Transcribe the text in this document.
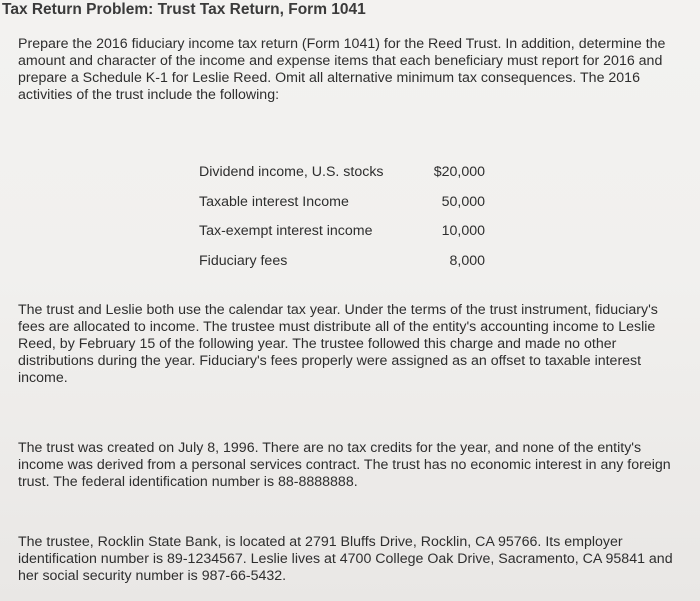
Tax Return Problem: Trust Tax Return, Form 1041
Prepare the 2016 fiduciary income tax return (Form 1041) for the Reed Trust. In addition, determine the amount and character of the income and expense items that each beneficiary must report for 2016 and prepare a Schedule K-1 for Leslie Reed. Omit all alternative minimum tax consequences. The 2016 activities of the trust include the following:
Dividend income, U.S. stocks	$20,000
Taxable interest Income	50,000
Tax-exempt interest income	10,000
Fiduciary fees	8,000
The trust and Leslie both use the calendar tax year. Under the terms of the trust instrument, fiduciary's fees are allocated to income. The trustee must distribute all of the entity's accounting income to Leslie Reed, by February 15 of the following year. The trustee followed this charge and made no other distributions during the year. Fiduciary's fees properly were assigned as an offset to taxable interest income.
The trust was created on July 8, 1996. There are no tax credits for the year, and none of the entity's income was derived from a personal services contract. The trust has no economic interest in any foreign trust. The federal identification number is 88-8888888.
The trustee, Rocklin State Bank, is located at 2791 Bluffs Drive, Rocklin, CA 95766. Its employer identification number is 89-1234567. Leslie lives at 4700 College Oak Drive, Sacramento, CA 95841 and her social security number is 987-66-5432.
